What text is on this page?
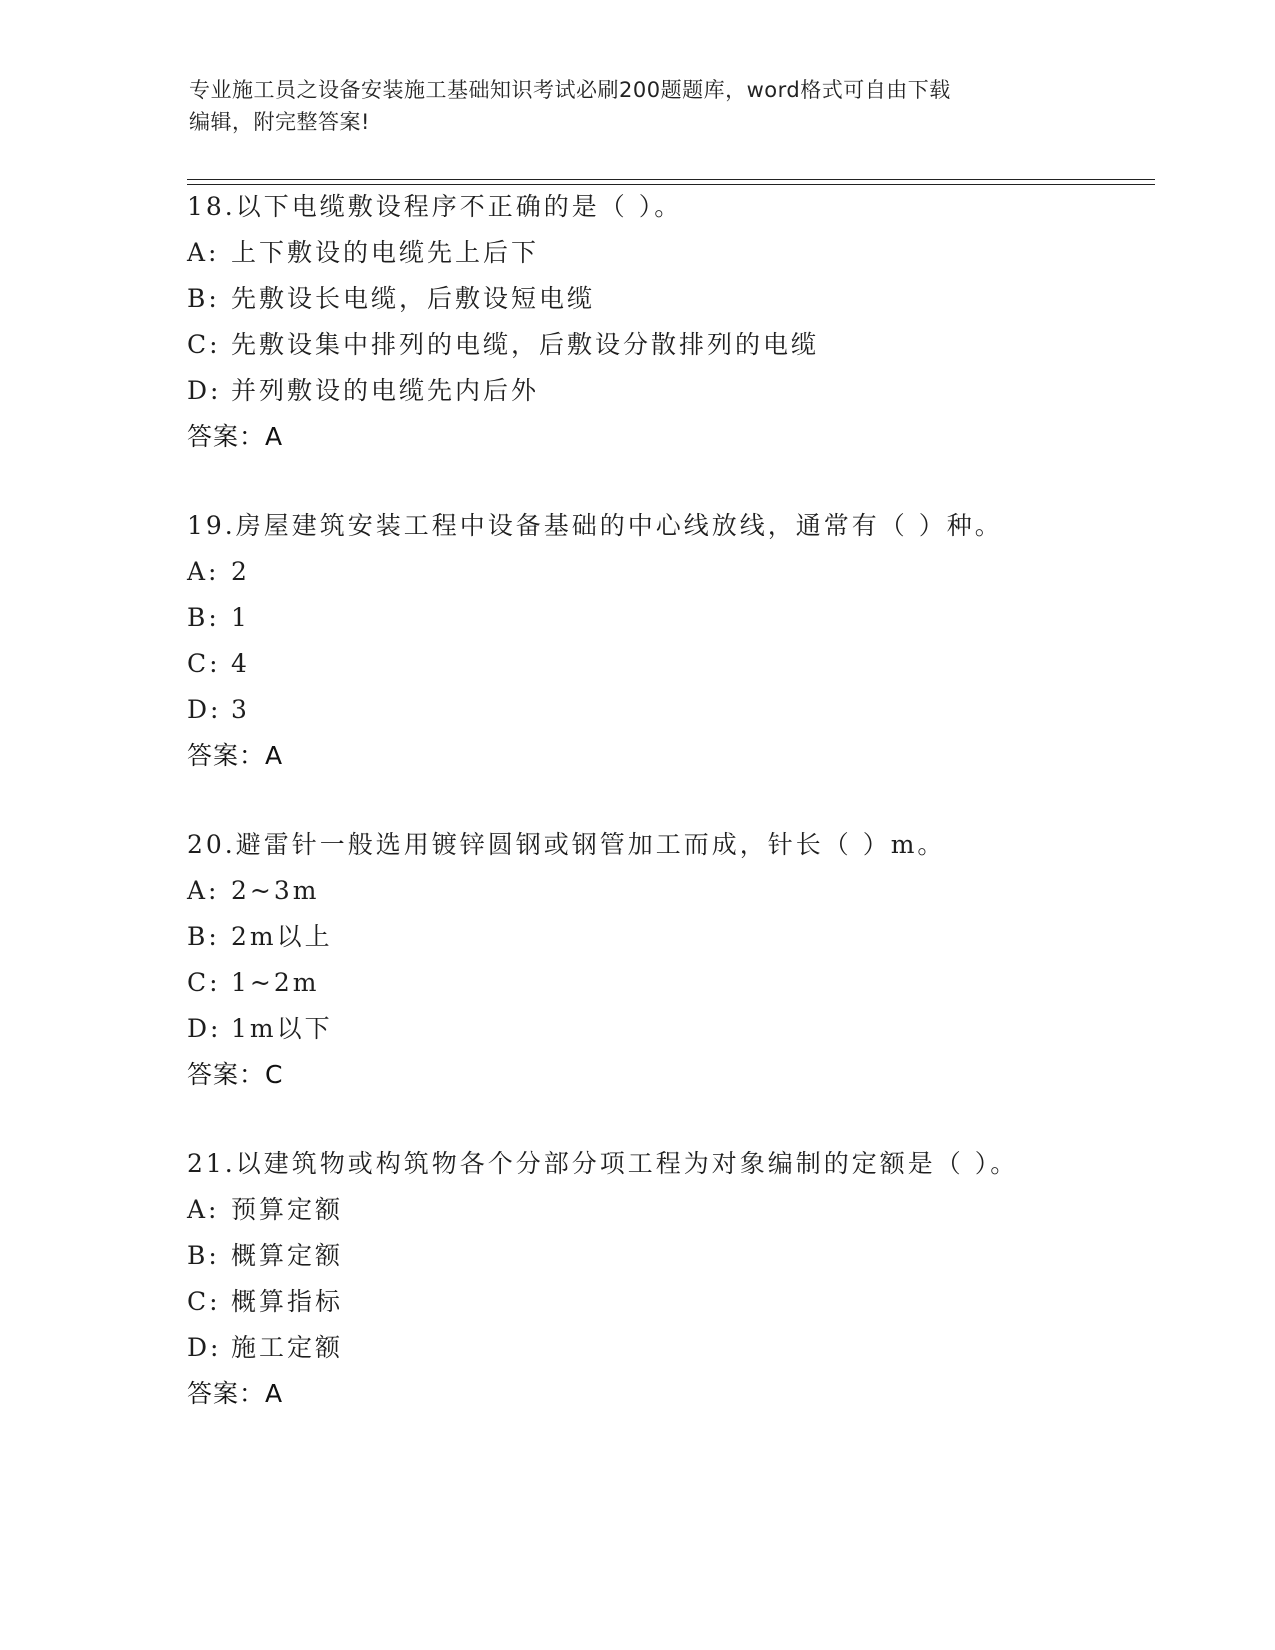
专业施工员之设备安装施工基础知识考试必刷200题题库，word格式可自由下载
编辑，附完整答案!
18.以下电缆敷设程序不正确的是（ ）。
A: 上下敷设的电缆先上后下
B: 先敷设长电缆，后敷设短电缆
C: 先敷设集中排列的电缆，后敷设分散排列的电缆
D: 并列敷设的电缆先内后外
答案：A
19.房屋建筑安装工程中设备基础的中心线放线，通常有（ ）种。
A: 2
B: 1
C: 4
D: 3
答案：A
20.避雷针一般选用镀锌圆钢或钢管加工而成，针长（ ）m。
A: 2~3m
B: 2m以上
C: 1~2m
D: 1m以下
答案：C
21.以建筑物或构筑物各个分部分项工程为对象编制的定额是（ ）。
A: 预算定额
B: 概算定额
C: 概算指标
D: 施工定额
答案：A
